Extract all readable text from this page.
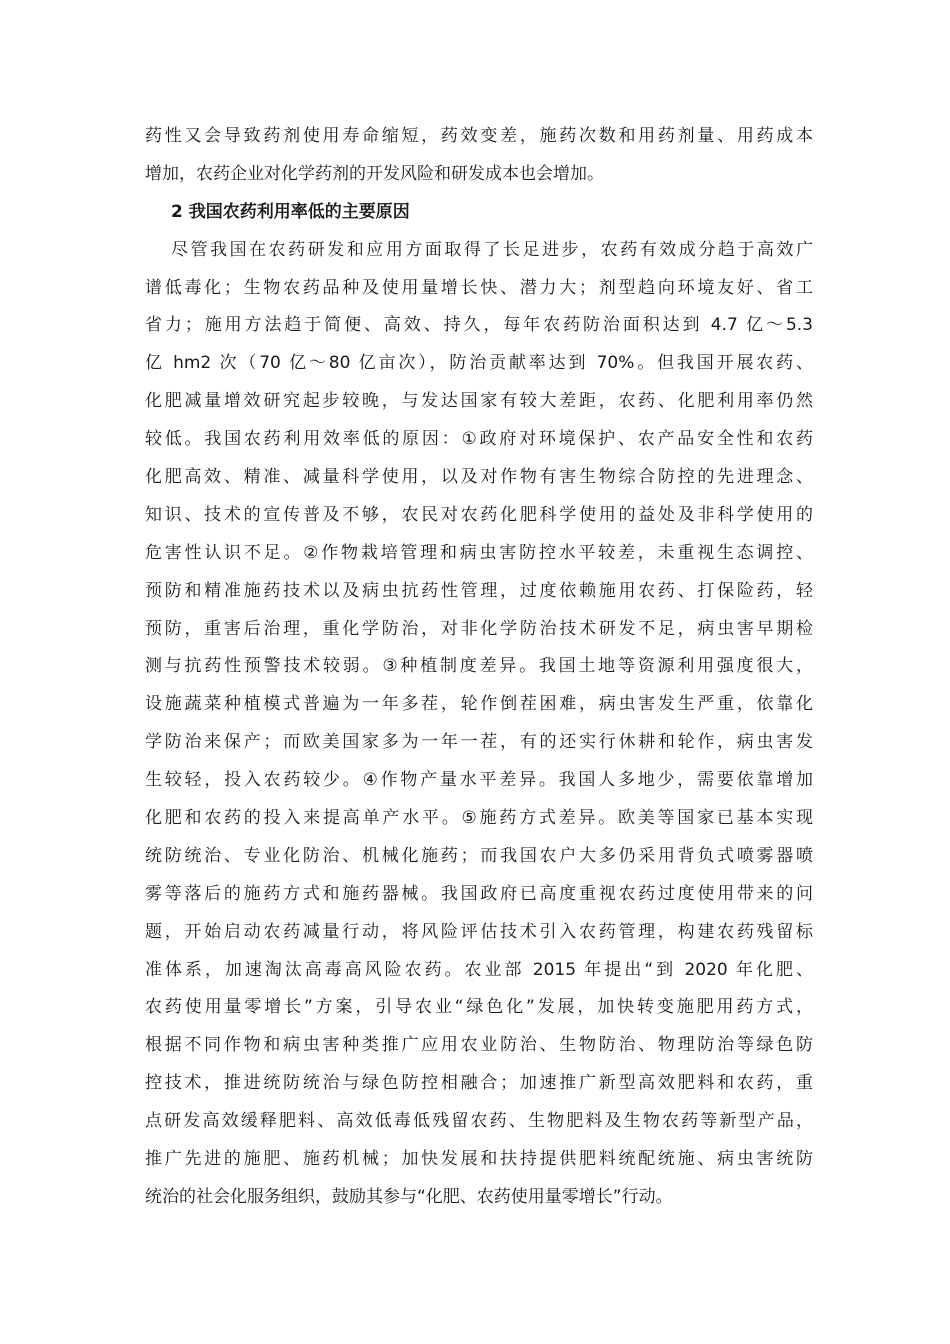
药性又会导致药剂使用寿命缩短，药效变差，施药次数和用药剂量、用药成本
增加，农药企业对化学药剂的开发风险和研发成本也会增加。
2 我国农药利用率低的主要原因
尽管我国在农药研发和应用方面取得了长足进步，农药有效成分趋于高效广
谱低毒化；生物农药品种及使用量增长快、潜力大；剂型趋向环境友好、省工
省力；施用方法趋于简便、高效、持久，每年农药防治面积达到 4.7 亿～5.3
亿 hm2 次（70 亿～80 亿亩次），防治贡献率达到 70%。但我国开展农药、
化肥减量增效研究起步较晚，与发达国家有较大差距，农药、化肥利用率仍然
较低。我国农药利用效率低的原因：①政府对环境保护、农产品安全性和农药
化肥高效、精准、减量科学使用，以及对作物有害生物综合防控的先进理念、
知识、技术的宣传普及不够，农民对农药化肥科学使用的益处及非科学使用的
危害性认识不足。②作物栽培管理和病虫害防控水平较差，未重视生态调控、
预防和精准施药技术以及病虫抗药性管理，过度依赖施用农药、打保险药，轻
预防，重害后治理，重化学防治，对非化学防治技术研发不足，病虫害早期检
测与抗药性预警技术较弱。③种植制度差异。我国土地等资源利用强度很大，
设施蔬菜种植模式普遍为一年多茬，轮作倒茬困难，病虫害发生严重，依靠化
学防治来保产；而欧美国家多为一年一茬，有的还实行休耕和轮作，病虫害发
生较轻，投入农药较少。④作物产量水平差异。我国人多地少，需要依靠增加
化肥和农药的投入来提高单产水平。⑤施药方式差异。欧美等国家已基本实现
统防统治、专业化防治、机械化施药；而我国农户大多仍采用背负式喷雾器喷
雾等落后的施药方式和施药器械。我国政府已高度重视农药过度使用带来的问
题，开始启动农药减量行动，将风险评估技术引入农药管理，构建农药残留标
准体系，加速淘汰高毒高风险农药。农业部 2015 年提出“到 2020 年化肥、
农药使用量零增长”方案，引导农业“绿色化”发展，加快转变施肥用药方式，
根据不同作物和病虫害种类推广应用农业防治、生物防治、物理防治等绿色防
控技术，推进统防统治与绿色防控相融合；加速推广新型高效肥料和农药，重
点研发高效缓释肥料、高效低毒低残留农药、生物肥料及生物农药等新型产品，
推广先进的施肥、施药机械；加快发展和扶持提供肥料统配统施、病虫害统防
统治的社会化服务组织，鼓励其参与“化肥、农药使用量零增长”行动。
